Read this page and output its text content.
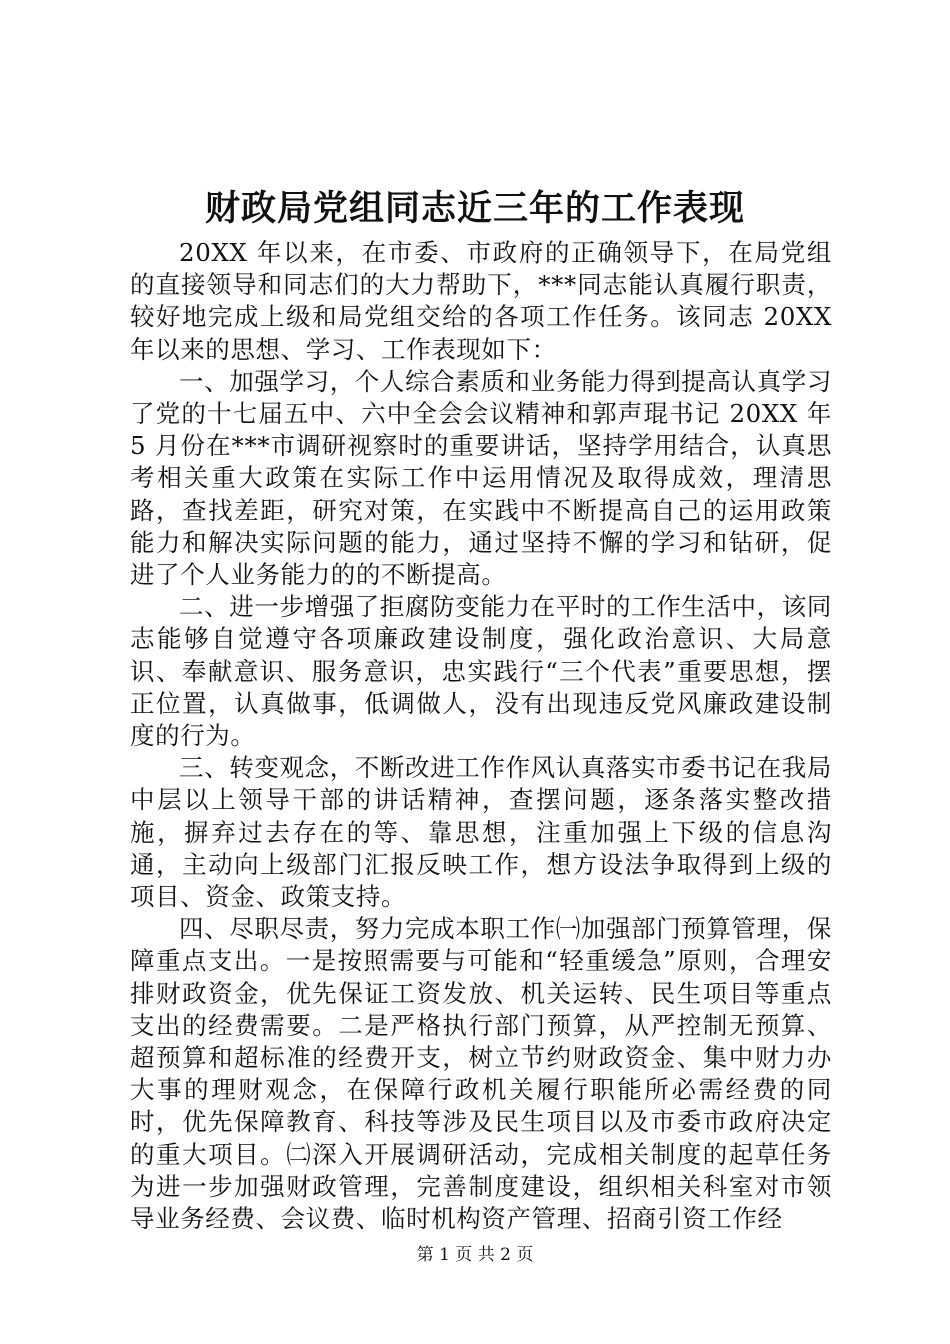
财政局党组同志近三年的工作表现

20XX 年以来，在市委、市政府的正确领导下，在局党组的直接领导和同志们的大力帮助下，***同志能认真履行职责，较好地完成上级和局党组交给的各项工作任务。该同志 20XX 年以来的思想、学习、工作表现如下：

一、加强学习，个人综合素质和业务能力得到提高认真学习了党的十七届五中、六中全会会议精神和郭声琨书记 20XX 年 5 月份在***市调研视察时的重要讲话，坚持学用结合，认真思考相关重大政策在实际工作中运用情况及取得成效，理清思路，查找差距，研究对策，在实践中不断提高自己的运用政策能力和解决实际问题的能力，通过坚持不懈的学习和钻研，促进了个人业务能力的的不断提高。

二、进一步增强了拒腐防变能力在平时的工作生活中，该同志能够自觉遵守各项廉政建设制度，强化政治意识、大局意识、奉献意识、服务意识，忠实践行“三个代表”重要思想，摆正位置，认真做事，低调做人，没有出现违反党风廉政建设制度的行为。

三、转变观念，不断改进工作作风认真落实市委书记在我局中层以上领导干部的讲话精神，查摆问题，逐条落实整改措施，摒弃过去存在的等、靠思想，注重加强上下级的信息沟通，主动向上级部门汇报反映工作，想方设法争取得到上级的项目、资金、政策支持。

四、尽职尽责，努力完成本职工作㈠加强部门预算管理，保障重点支出。一是按照需要与可能和“轻重缓急”原则，合理安排财政资金，优先保证工资发放、机关运转、民生项目等重点支出的经费需要。二是严格执行部门预算，从严控制无预算、超预算和超标准的经费开支，树立节约财政资金、集中财力办大事的理财观念，在保障行政机关履行职能所必需经费的同时，优先保障教育、科技等涉及民生项目以及市委市政府决定的重大项目。㈡深入开展调研活动，完成相关制度的起草任务为进一步加强财政管理，完善制度建设，组织相关科室对市领导业务经费、会议费、临时机构资产管理、招商引资工作经

第 1 页 共 2 页
